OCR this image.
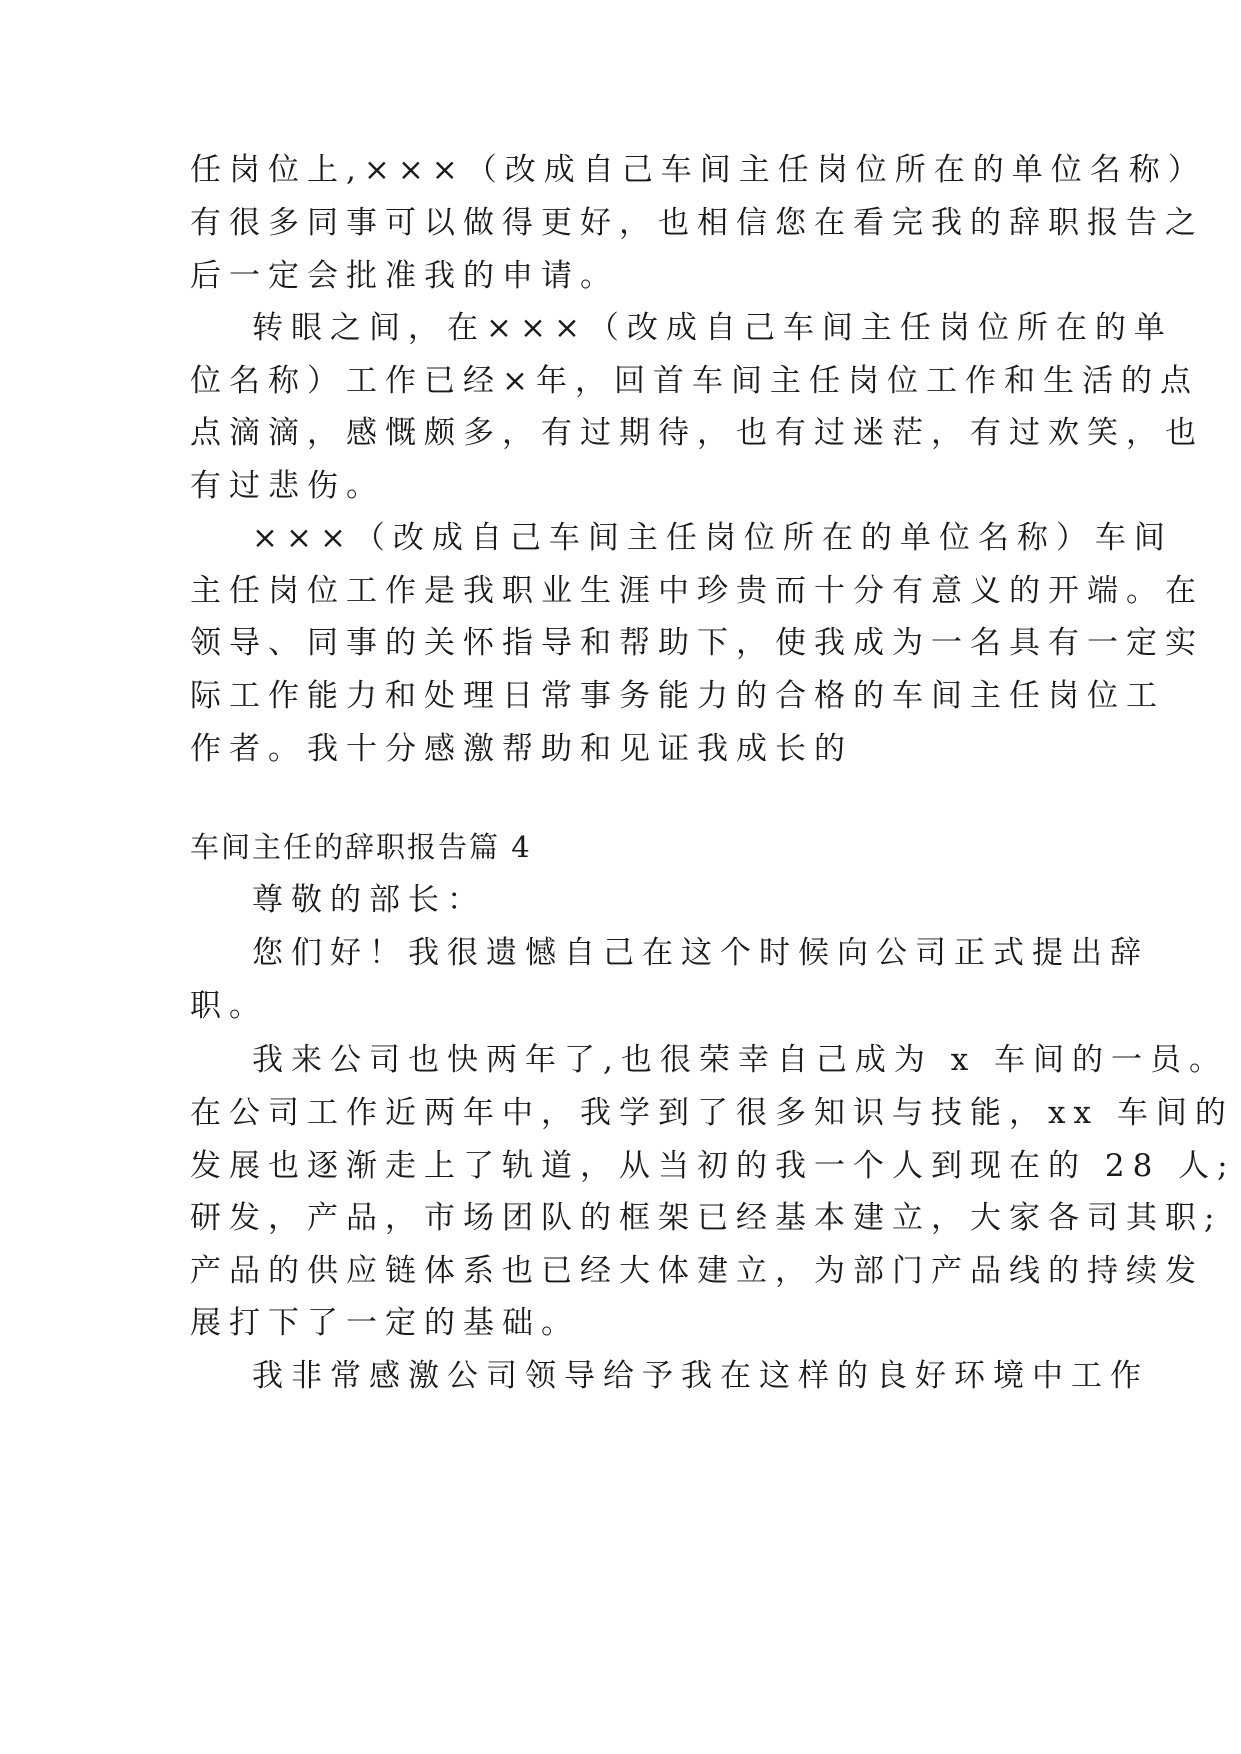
任岗位上,×××（改成自己车间主任岗位所在的单位名称）
有很多同事可以做得更好，也相信您在看完我的辞职报告之
后一定会批准我的申请。
转眼之间，在×××（改成自己车间主任岗位所在的单
位名称）工作已经×年，回首车间主任岗位工作和生活的点
点滴滴，感慨颇多，有过期待，也有过迷茫，有过欢笑，也
有过悲伤。
×××（改成自己车间主任岗位所在的单位名称）车间
主任岗位工作是我职业生涯中珍贵而十分有意义的开端。在
领导、同事的关怀指导和帮助下，使我成为一名具有一定实
际工作能力和处理日常事务能力的合格的车间主任岗位工
作者。我十分感激帮助和见证我成长的
车间主任的辞职报告篇 4
尊敬的部长：
您们好！我很遗憾自己在这个时候向公司正式提出辞
职。
我来公司也快两年了,也很荣幸自己成为 x 车间的一员。
在公司工作近两年中，我学到了很多知识与技能，xx 车间的
发展也逐渐走上了轨道，从当初的我一个人到现在的 28 人;
研发，产品，市场团队的框架已经基本建立，大家各司其职;
产品的供应链体系也已经大体建立，为部门产品线的持续发
展打下了一定的基础。
我非常感激公司领导给予我在这样的良好环境中工作
